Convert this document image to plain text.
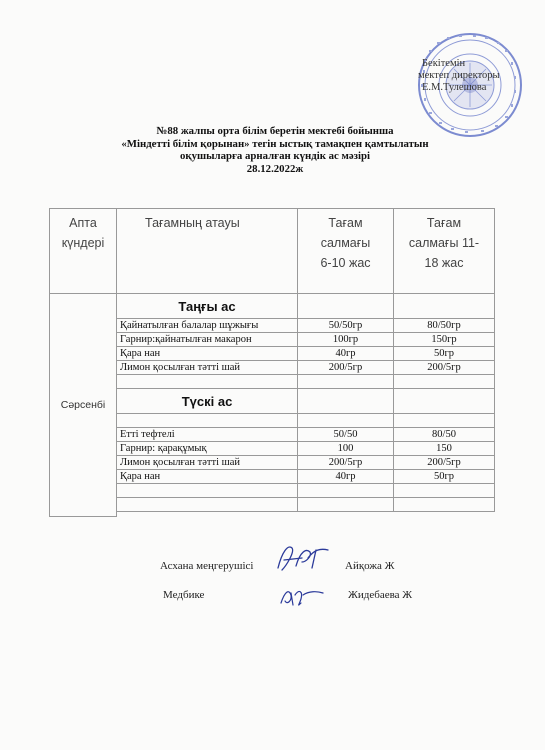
Бекітемін
мектеп директоры
Е.М.Тулешова
№88 жалпы орта білім беретін мектебі бойынша
«Міндетті білім қорынан» тегін ыстық тамақпен қамтылатын
оқушыларға арналған күндік ас мәзірі
28.12.2022ж
Апта күндері	Тағамның атауы	Тағам салмағы 6-10 жас	Тағам салмағы 11-18 жас
Сәрсенбі	Таңғы ас		
	Қайнатылған балалар шұжығы	50/50гр	80/50гр
	Гарнир:қайнатылған макарон	100гр	150гр
	Қара нан	40гр	50гр
	Лимон қосылған тәтті шай	200/5гр	200/5гр

	Түскі ас		

	Етті тефтелі	50/50	80/50
	Гарнир: қарақұмық	100	150
	Лимон қосылған тәтті шай	200/5гр	200/5гр
	Қара нан	40гр	50гр

Асхана меңгерушісі	Айқожа Ж
Медбике	Жидебаева Ж
